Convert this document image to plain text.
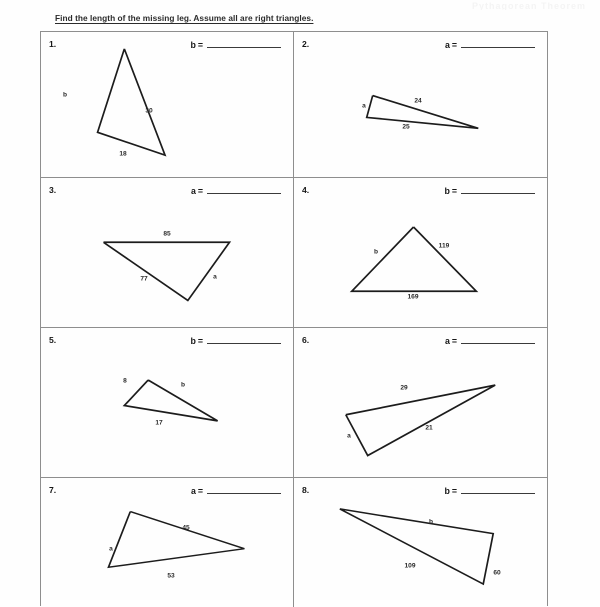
Pythagorean Theorem
Find the length of the missing leg. Assume all are right triangles.
1.	b =
b
30
18
2.	a =
a
24
25
3.	a =
85
77	a
4.	b =
b
119
169
5.	b =
8
b
17
6.	a =
29
21
a
7.	a =
45
a
53
8.	b =
b
109
60
